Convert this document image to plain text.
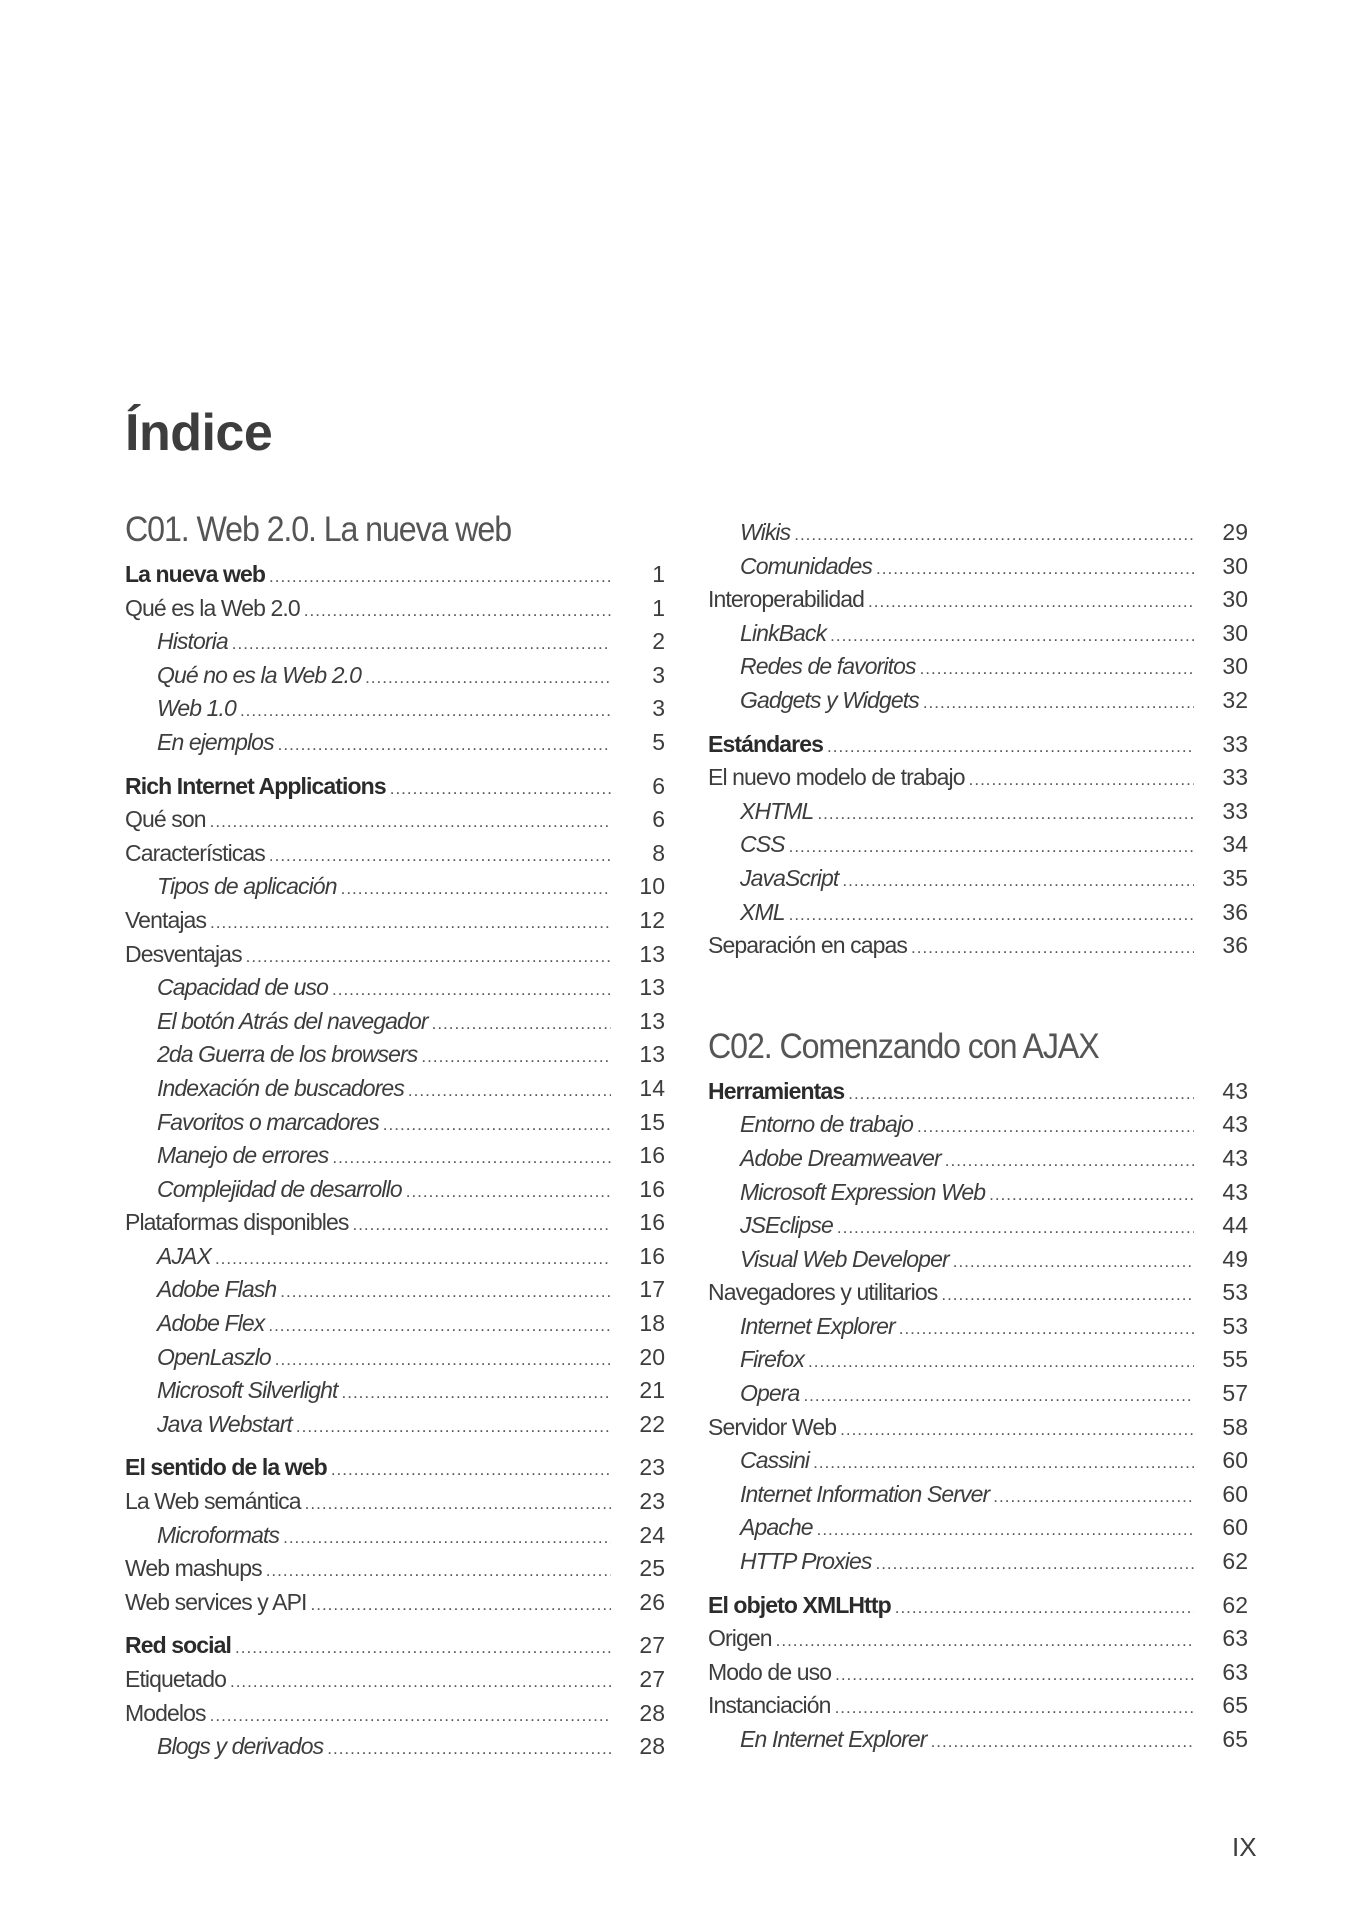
Índice
C01. Web 2.0. La nueva web
La nueva web .....	1
Qué es la Web 2.0 .....	1
Historia .....	2
Qué no es la Web 2.0 .....	3
Web 1.0 .....	3
En ejemplos .....	5
Rich Internet Applications .....	6
Qué son .....	6
Características .....	8
Tipos de aplicación .....	10
Ventajas .....	12
Desventajas .....	13
Capacidad de uso .....	13
El botón Atrás del navegador .....	13
2da Guerra de los browsers .....	13
Indexación de buscadores .....	14
Favoritos o marcadores .....	15
Manejo de errores .....	16
Complejidad de desarrollo .....	16
Plataformas disponibles .....	16
AJAX .....	16
Adobe Flash .....	17
Adobe Flex .....	18
OpenLaszlo .....	20
Microsoft Silverlight .....	21
Java Webstart .....	22
El sentido de la web .....	23
La Web semántica .....	23
Microformats .....	24
Web mashups .....	25
Web services y API .....	26
Red social .....	27
Etiquetado .....	27
Modelos .....	28
Blogs y derivados .....	28
Wikis .....	29
Comunidades .....	30
Interoperabilidad .....	30
LinkBack .....	30
Redes de favoritos .....	30
Gadgets y Widgets .....	32
Estándares .....	33
El nuevo modelo de trabajo .....	33
XHTML .....	33
CSS .....	34
JavaScript .....	35
XML .....	36
Separación en capas .....	36
C02. Comenzando con AJAX
Herramientas .....	43
Entorno de trabajo .....	43
Adobe Dreamweaver .....	43
Microsoft Expression Web .....	43
JSEclipse .....	44
Visual Web Developer .....	49
Navegadores y utilitarios .....	53
Internet Explorer .....	53
Firefox .....	55
Opera .....	57
Servidor Web .....	58
Cassini .....	60
Internet Information Server .....	60
Apache .....	60
HTTP Proxies .....	62
El objeto XMLHttp .....	62
Origen .....	63
Modo de uso .....	63
Instanciación .....	65
En Internet Explorer .....	65
IX
